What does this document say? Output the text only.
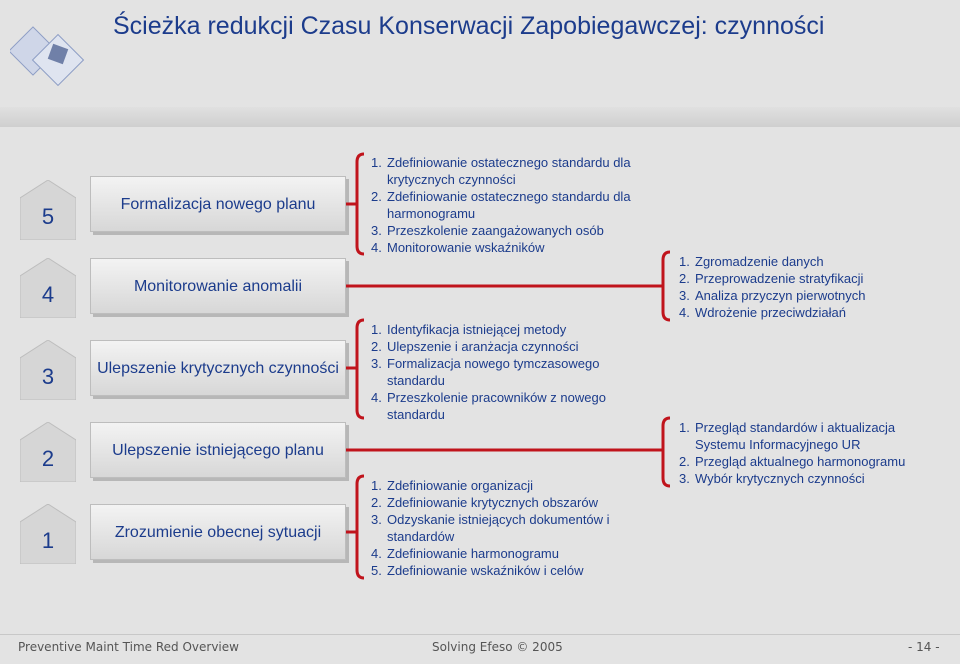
Ścieżka redukcji Czasu Konserwacji Zapobiegawczej: czynności
5
4
3
2
1
Formalizacja nowego planu
Monitorowanie anomalii
Ulepszenie krytycznych czynności
Ulepszenie istniejącego planu
Zrozumienie obecnej sytuacji
1. Zdefiniowanie ostatecznego standardu dla krytycznych czynności
2. Zdefiniowanie ostatecznego standardu dla harmonogramu
3. Przeszkolenie zaangażowanych osób
4. Monitorowanie wskaźników
1. Zgromadzenie danych
2. Przeprowadzenie stratyfikacji
3. Analiza przyczyn pierwotnych
4. Wdrożenie przeciwdziałań
1. Identyfikacja istniejącej metody
2. Ulepszenie i aranżacja czynności
3. Formalizacja nowego tymczasowego standardu
4. Przeszkolenie pracowników z nowego standardu
1. Przegląd standardów i aktualizacja Systemu Informacyjnego UR
2. Przegląd aktualnego harmonogramu
3. Wybór krytycznych czynności
1. Zdefiniowanie organizacji
2. Zdefiniowanie krytycznych obszarów
3. Odzyskanie istniejących dokumentów i standardów
4. Zdefiniowanie harmonogramu
5. Zdefiniowanie wskaźników i celów
Preventive Maint Time Red Overview	Solving Efeso © 2005	- 14 -
